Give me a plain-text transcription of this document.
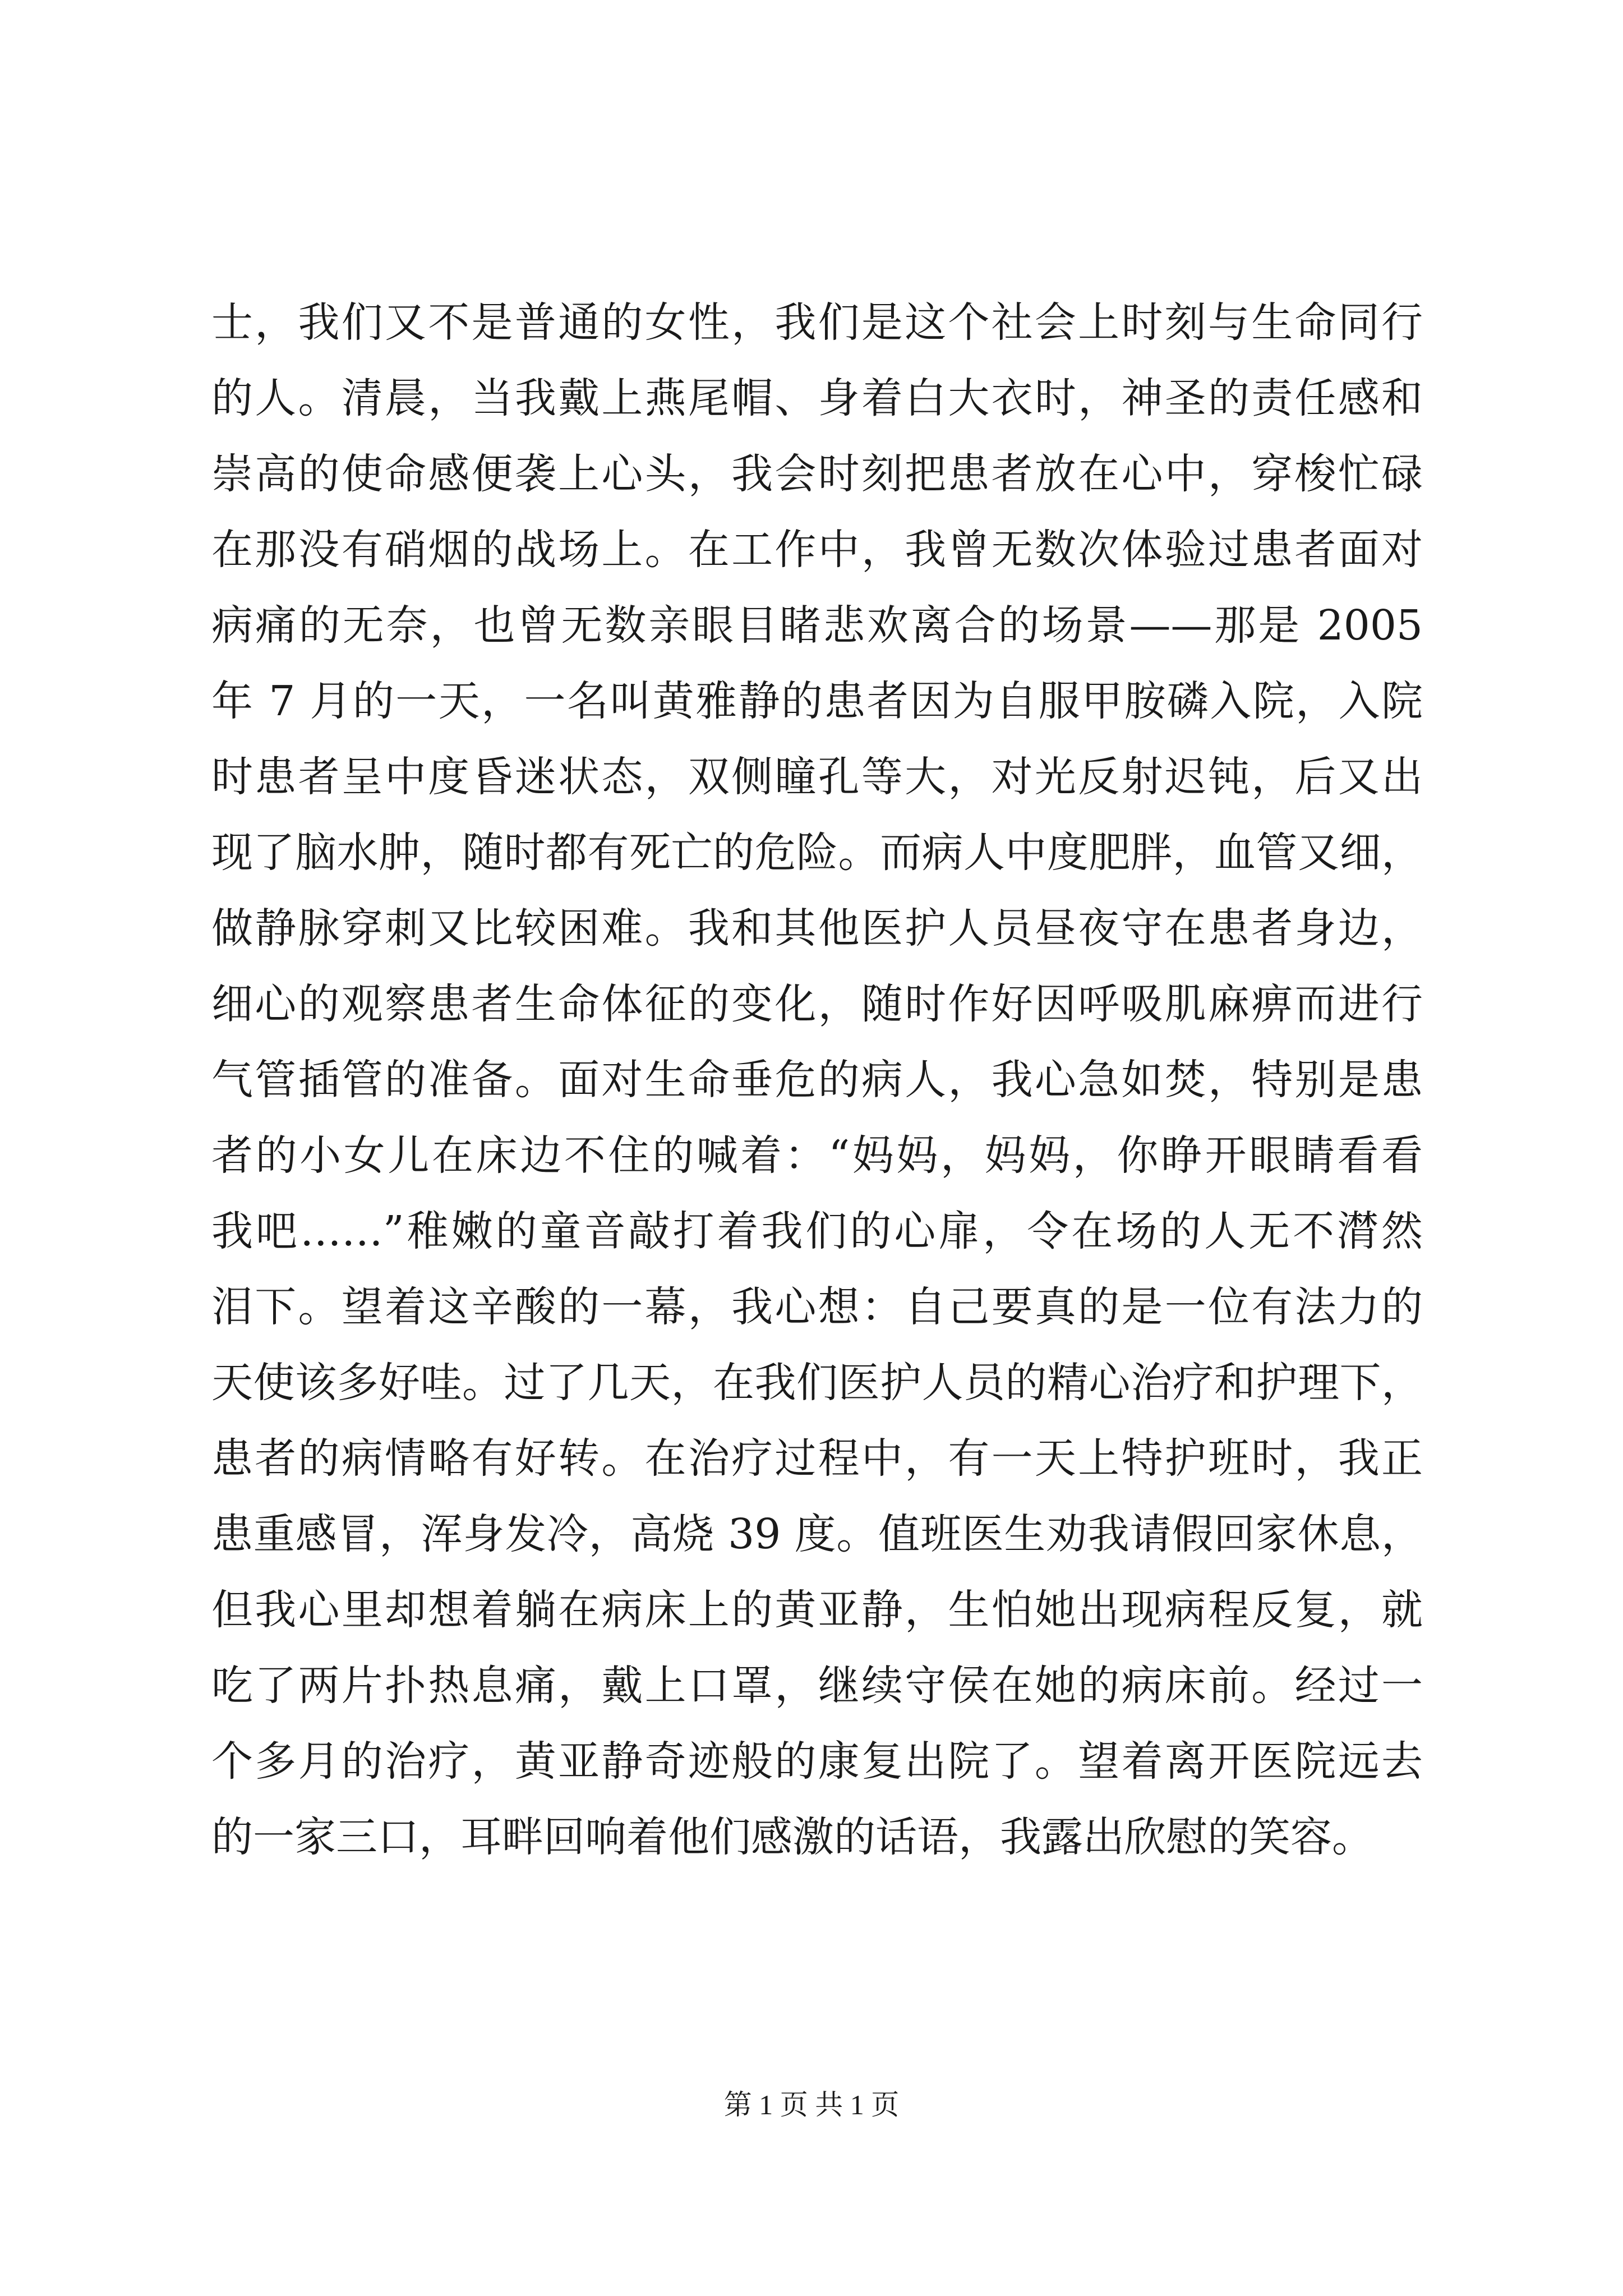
士，我们又不是普通的女性，我们是这个社会上时刻与生命同行
的人。清晨，当我戴上燕尾帽、身着白大衣时，神圣的责任感和
崇高的使命感便袭上心头，我会时刻把患者放在心中，穿梭忙碌
在那没有硝烟的战场上。在工作中，我曾无数次体验过患者面对
病痛的无奈，也曾无数亲眼目睹悲欢离合的场景——那是 2005
年 7 月的一天，一名叫黄雅静的患者因为自服甲胺磷入院，入院
时患者呈中度昏迷状态，双侧瞳孔等大，对光反射迟钝，后又出
现了脑水肿，随时都有死亡的危险。而病人中度肥胖，血管又细，
做静脉穿刺又比较困难。我和其他医护人员昼夜守在患者身边，
细心的观察患者生命体征的变化，随时作好因呼吸肌麻痹而进行
气管插管的准备。面对生命垂危的病人，我心急如焚，特别是患
者的小女儿在床边不住的喊着：“妈妈，妈妈，你睁开眼睛看看
我吧……”稚嫩的童音敲打着我们的心扉，令在场的人无不潸然
泪下。望着这辛酸的一幕，我心想：自己要真的是一位有法力的
天使该多好哇。过了几天，在我们医护人员的精心治疗和护理下，
患者的病情略有好转。在治疗过程中，有一天上特护班时，我正
患重感冒，浑身发冷，高烧 39 度。值班医生劝我请假回家休息，
但我心里却想着躺在病床上的黄亚静，生怕她出现病程反复，就
吃了两片扑热息痛，戴上口罩，继续守侯在她的病床前。经过一
个多月的治疗，黄亚静奇迹般的康复出院了。望着离开医院远去
的一家三口，耳畔回响着他们感激的话语，我露出欣慰的笑容。
第 1 页 共 1 页
